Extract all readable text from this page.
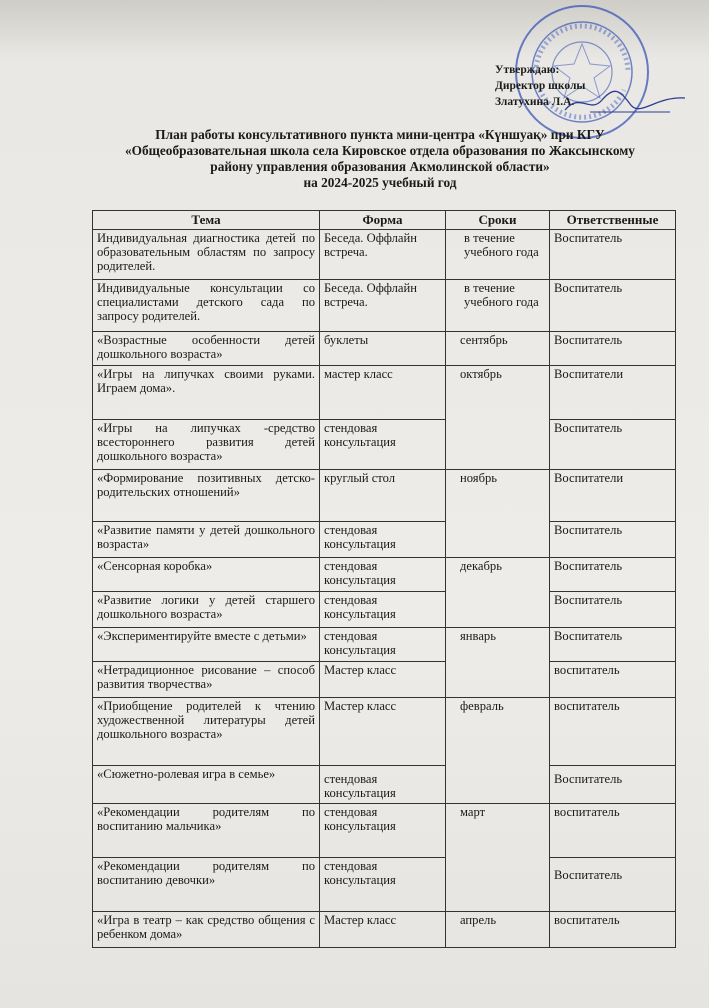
Утверждаю:
Директор школы
Златухина Л.А.
План работы консультативного пункта мини-центра «Күншуақ» при КГУ
«Общеобразовательная школа села Кировское отдела образования по Жаксынскому
району управления образования Акмолинской области»
на 2024-2025 учебный год
Тема	Форма	Сроки	Ответственные
Индивидуальная диагностика детей по образовательным областям по запросу родителей.	Беседа. Оффлайн встреча.	в течение учебного года	Воспитатель
Индивидуальные консультации со специалистами детского сада по запросу родителей.	Беседа. Оффлайн встреча.	в течение учебного года	Воспитатель
«Возрастные особенности детей дошкольного возраста»	буклеты	сентябрь	Воспитатель
«Игры на липучках своими руками. Играем дома».	мастер класс	октябрь	Воспитатели
«Игры на липучках -средство всестороннего развития детей дошкольного возраста»	стендовая консультация		Воспитатель
«Формирование позитивных детско-родительских отношений»	круглый стол	ноябрь	Воспитатели
«Развитие памяти у детей дошкольного возраста»	стендовая консультация		Воспитатель
«Сенсорная коробка»	стендовая консультация	декабрь	Воспитатель
«Развитие логики у детей старшего дошкольного возраста»	стендовая консультация		Воспитатель
«Экспериментируйте вместе с детьми»	стендовая консультация	январь	Воспитатель
«Нетрадиционное рисование – способ развития творчества»	Мастер класс		воспитатель
«Приобщение родителей к чтению художественной литературы детей дошкольного возраста»	Мастер класс	февраль	воспитатель
«Сюжетно-ролевая игра в семье»	стендовая консультация		Воспитатель
«Рекомендации родителям по воспитанию мальчика»	стендовая консультация	март	воспитатель
«Рекомендации родителям по воспитанию девочки»	стендовая консультация		Воспитатель
«Игра в театр – как средство общения с ребенком дома»	Мастер класс	апрель	воспитатель
